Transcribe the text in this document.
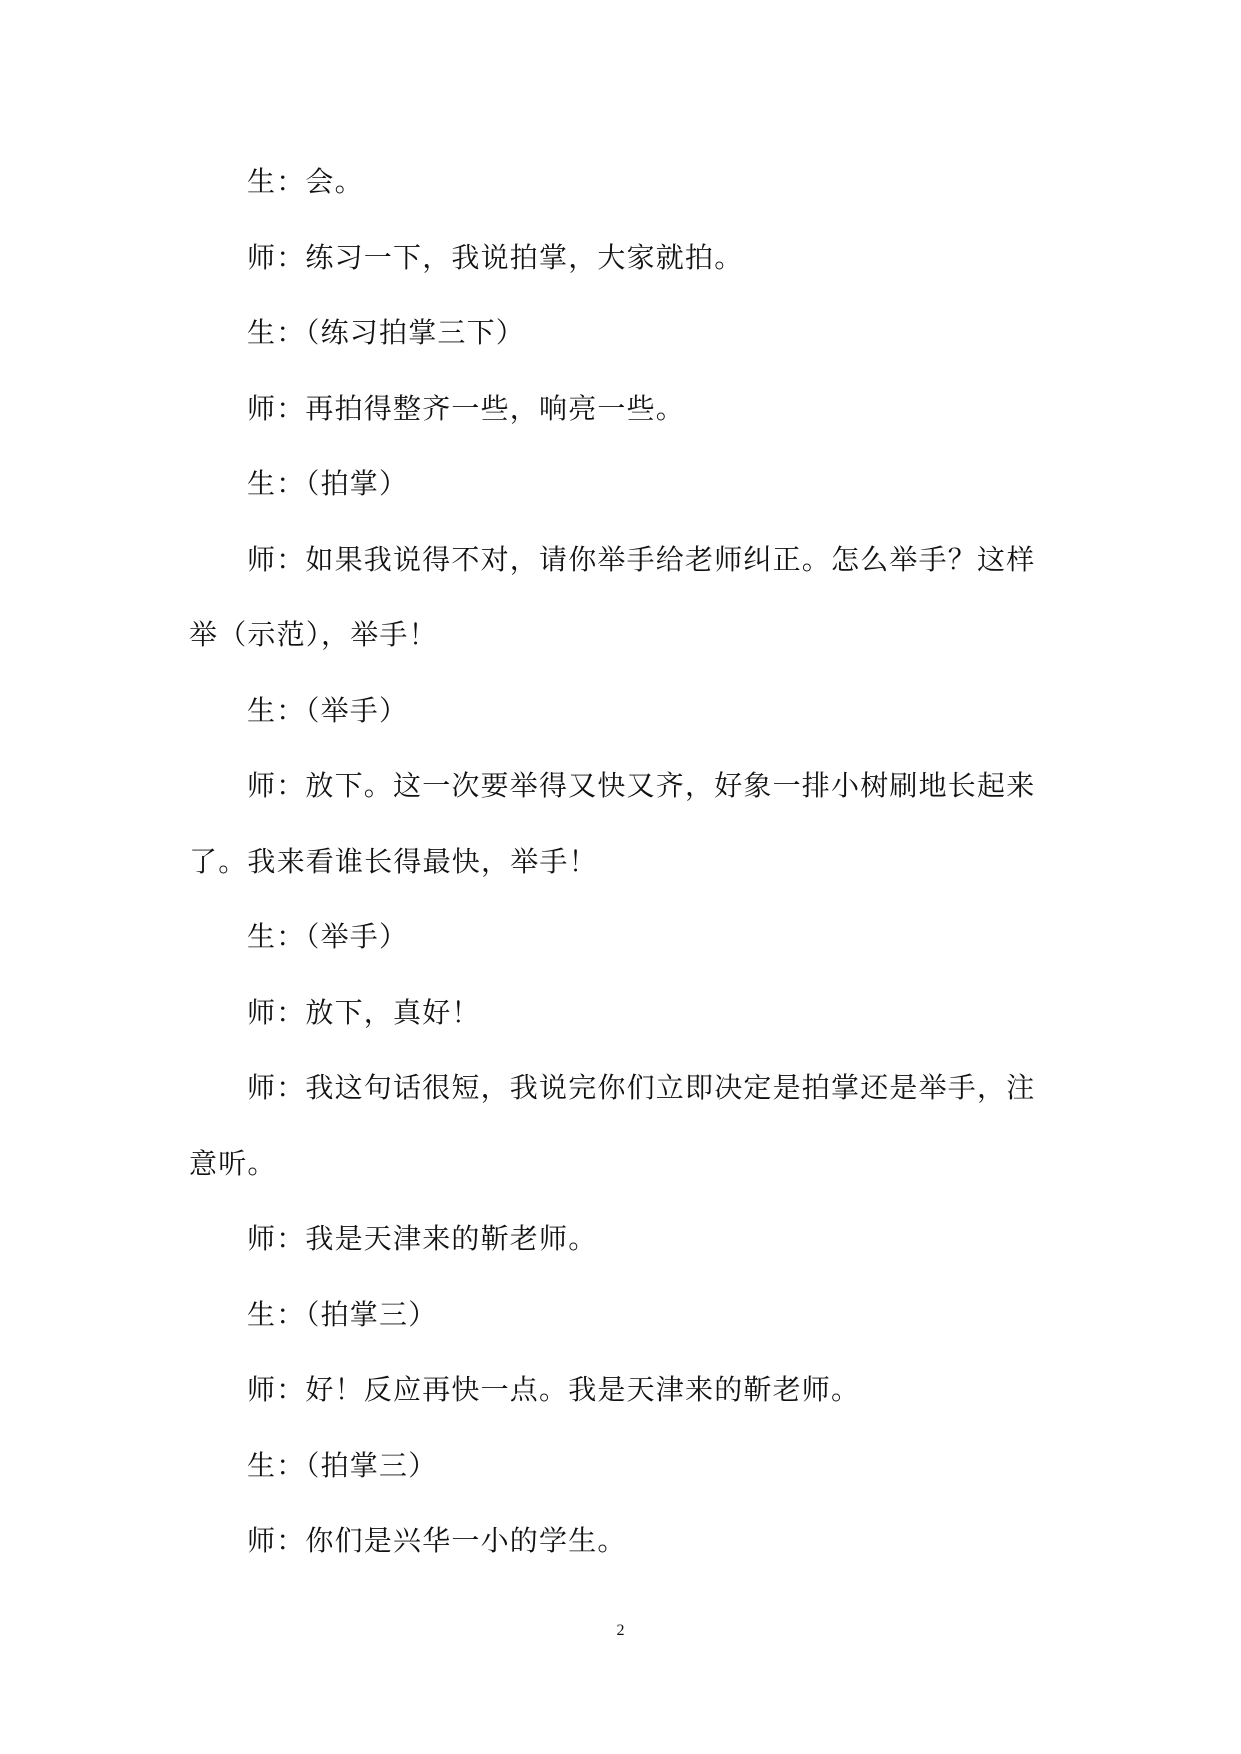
生：会。

师：练习一下，我说拍掌，大家就拍。

生：（练习拍掌三下）

师：再拍得整齐一些，响亮一些。

生：（拍掌）

师：如果我说得不对，请你举手给老师纠正。怎么举手？这样举（示范），举手！

生：（举手）

师：放下。这一次要举得又快又齐，好象一排小树刷地长起来了。我来看谁长得最快，举手！

生：（举手）

师：放下，真好！

师：我这句话很短，我说完你们立即决定是拍掌还是举手，注意听。

师：我是天津来的靳老师。

生：（拍掌三）

师：好！反应再快一点。我是天津来的靳老师。

生：（拍掌三）

师：你们是兴华一小的学生。

2
